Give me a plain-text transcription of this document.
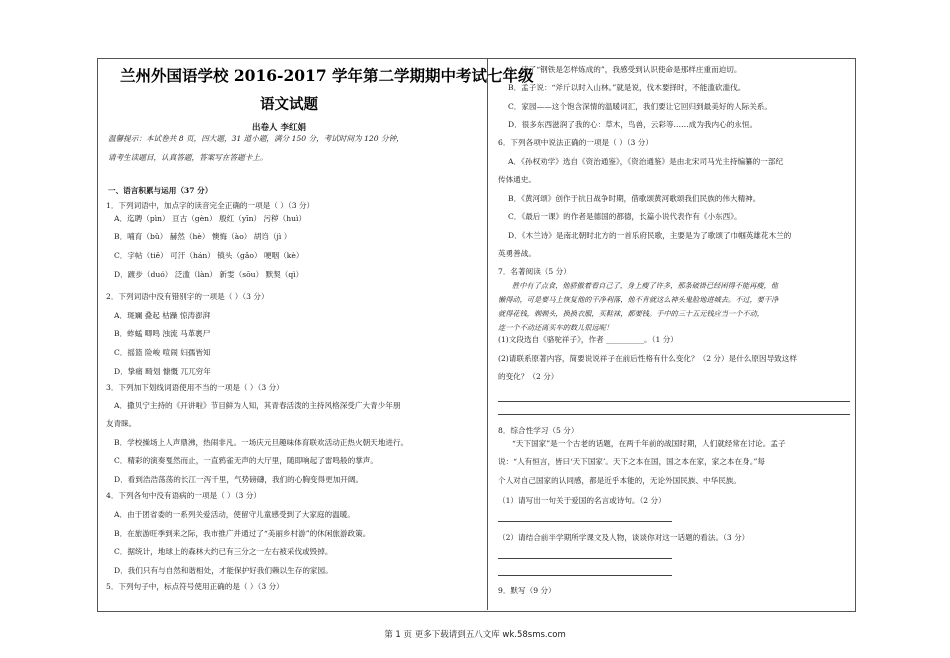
兰州外国语学校 2016-2017 学年第二学期期中考试七年级
语文试题
出卷人 李红娟
温馨提示：本试卷共 8 页，四大题，31 道小题，满分 150 分，考试时间为 120 分钟，
请考生读题目，认真答题，答案写在答题卡上。
一、语言积累与运用（37 分）
1．下列词语中，加点字的读音完全正确的一项是（ ）（3 分）
A．迄聘（pìn） 亘古（gèn） 殷红（yīn） 污秽（huì）
B．哺育（bǔ） 赫然（hè） 懊悔（ào） 胡诌（jì ）
C．字帖（tiě） 可汗（hán） 镇头（gǎo） 哽咽（kè）
D．踱步（duó） 泛滥（làn） 新雯（sōu） 默契（qì）
2．下列词语中没有错别字的一项是（ ）（3 分）
A．斑斓 叠起 枯躁 惊涛澎湃
B．蚱蜢 唧鸣 浊流 马革裹尸
C．摇篮 险峻 喧闹 妇孺皆知
D．挚痛 畸划 慷慨 兀兀穷年
3．下列加下划线词语使用不当的一项是（ ）（3 分）
A．撒贝宁主持的《开讲啦》节目鲜为人知，其青春活泼的主持风格深受广大青少年朋
友青睐。
B．学校操场上人声鼎沸，热闹非凡。一场庆元旦趣味体育联欢活动正热火朝天地进行。
C．精彩的演奏戛然而止，一直鸦雀无声的大厅里，随即响起了雷鸣般的掌声。
D．看到浩浩荡荡的长江一泻千里，气势磅礴，我们的心胸变得更加开阔。
4．下列各句中没有语病的一项是（ ）（3 分）
A．由于团省委的一系列关爱活动，使留守儿童感受到了大家庭的温暖。
B．在旅游旺季到来之际，我市推广并通过了“美丽乡村游”的休闲旅游政策。
C．据统计，地球上的森林大约已有三分之一左右被采伐或毁掉。
D．我们只有与自然和谐相处，才能保护好我们赖以生存的家园。
5．下列句子中，标点符号使用正确的是（ ）（3 分）
A．读了“钢铁是怎样炼成的”，我感受到认识使命是那样庄重而迫切。
B．孟子说：“斧斤以时入山林。”就是说，伐木要择时，不能滥砍滥伐。
C．家园——这个饱含深情的温暖词汇，我们要让它回归到最美好的人际关系。
D．很多东西滋润了我的心：草木，鸟兽，云彩等……成为我内心的永恒。
6．下列各项中说法正确的一项是（ ）（3 分）
A．《孙权劝学》选自《资治通鉴》，《资治通鉴》是由北宋司马光主持编纂的一部纪
传体通史。
B．《黄河颂》创作于抗日战争时期，借歌颂黄河歌颂我们民族的伟大精神。
C．《最后一课》的作者是德国的都德，长篇小说代表作有《小东西》。
D．《木兰诗》是南北朝时北方的一首乐府民歌，主要是为了歌颂了巾帼英雄花木兰的
英勇善战。
7．名著阅读（5 分）
胜中有了点食，他骄傲着看自己了，身上瘦了许多，那条破褂已经困得不能再瘦，他
懒得动，可是要马上恢复他的干净利落，他不肯就这么神头鬼脸地进城去。不过，要干净
就得花钱，剃剃头，换换衣服，买鞋袜，都要钱。手中的三十五元钱应当一个不动，
连一个不动还离买车的数儿很远呢！
(1)文段选自《骆驼祥子》，作者 __________。（1 分）
(2)请联系原著内容，简要说说祥子在前后性格有什么变化？（2 分）是什么原因导致这样
的变化？（2 分）
8．综合性学习（5 分）
“天下国家”是一个古老的话题，在两千年前的战国时期，人们就经常在讨论。孟子
说：“人有恒言，皆曰‘天下国家’。天下之本在国，国之本在家，家之本在身。”每
个人对自己国家的认同感，都是近乎本能的，无论外国民族、中华民族。
（1）请写出一句关于爱国的名言或诗句。（2 分）
（2）请结合前半学期所学课文及人物，谈谈你对这一话题的看法。（3 分）
9．默写（9 分）
第 1 页 更多下载请到五八文库 wk.58sms.com
